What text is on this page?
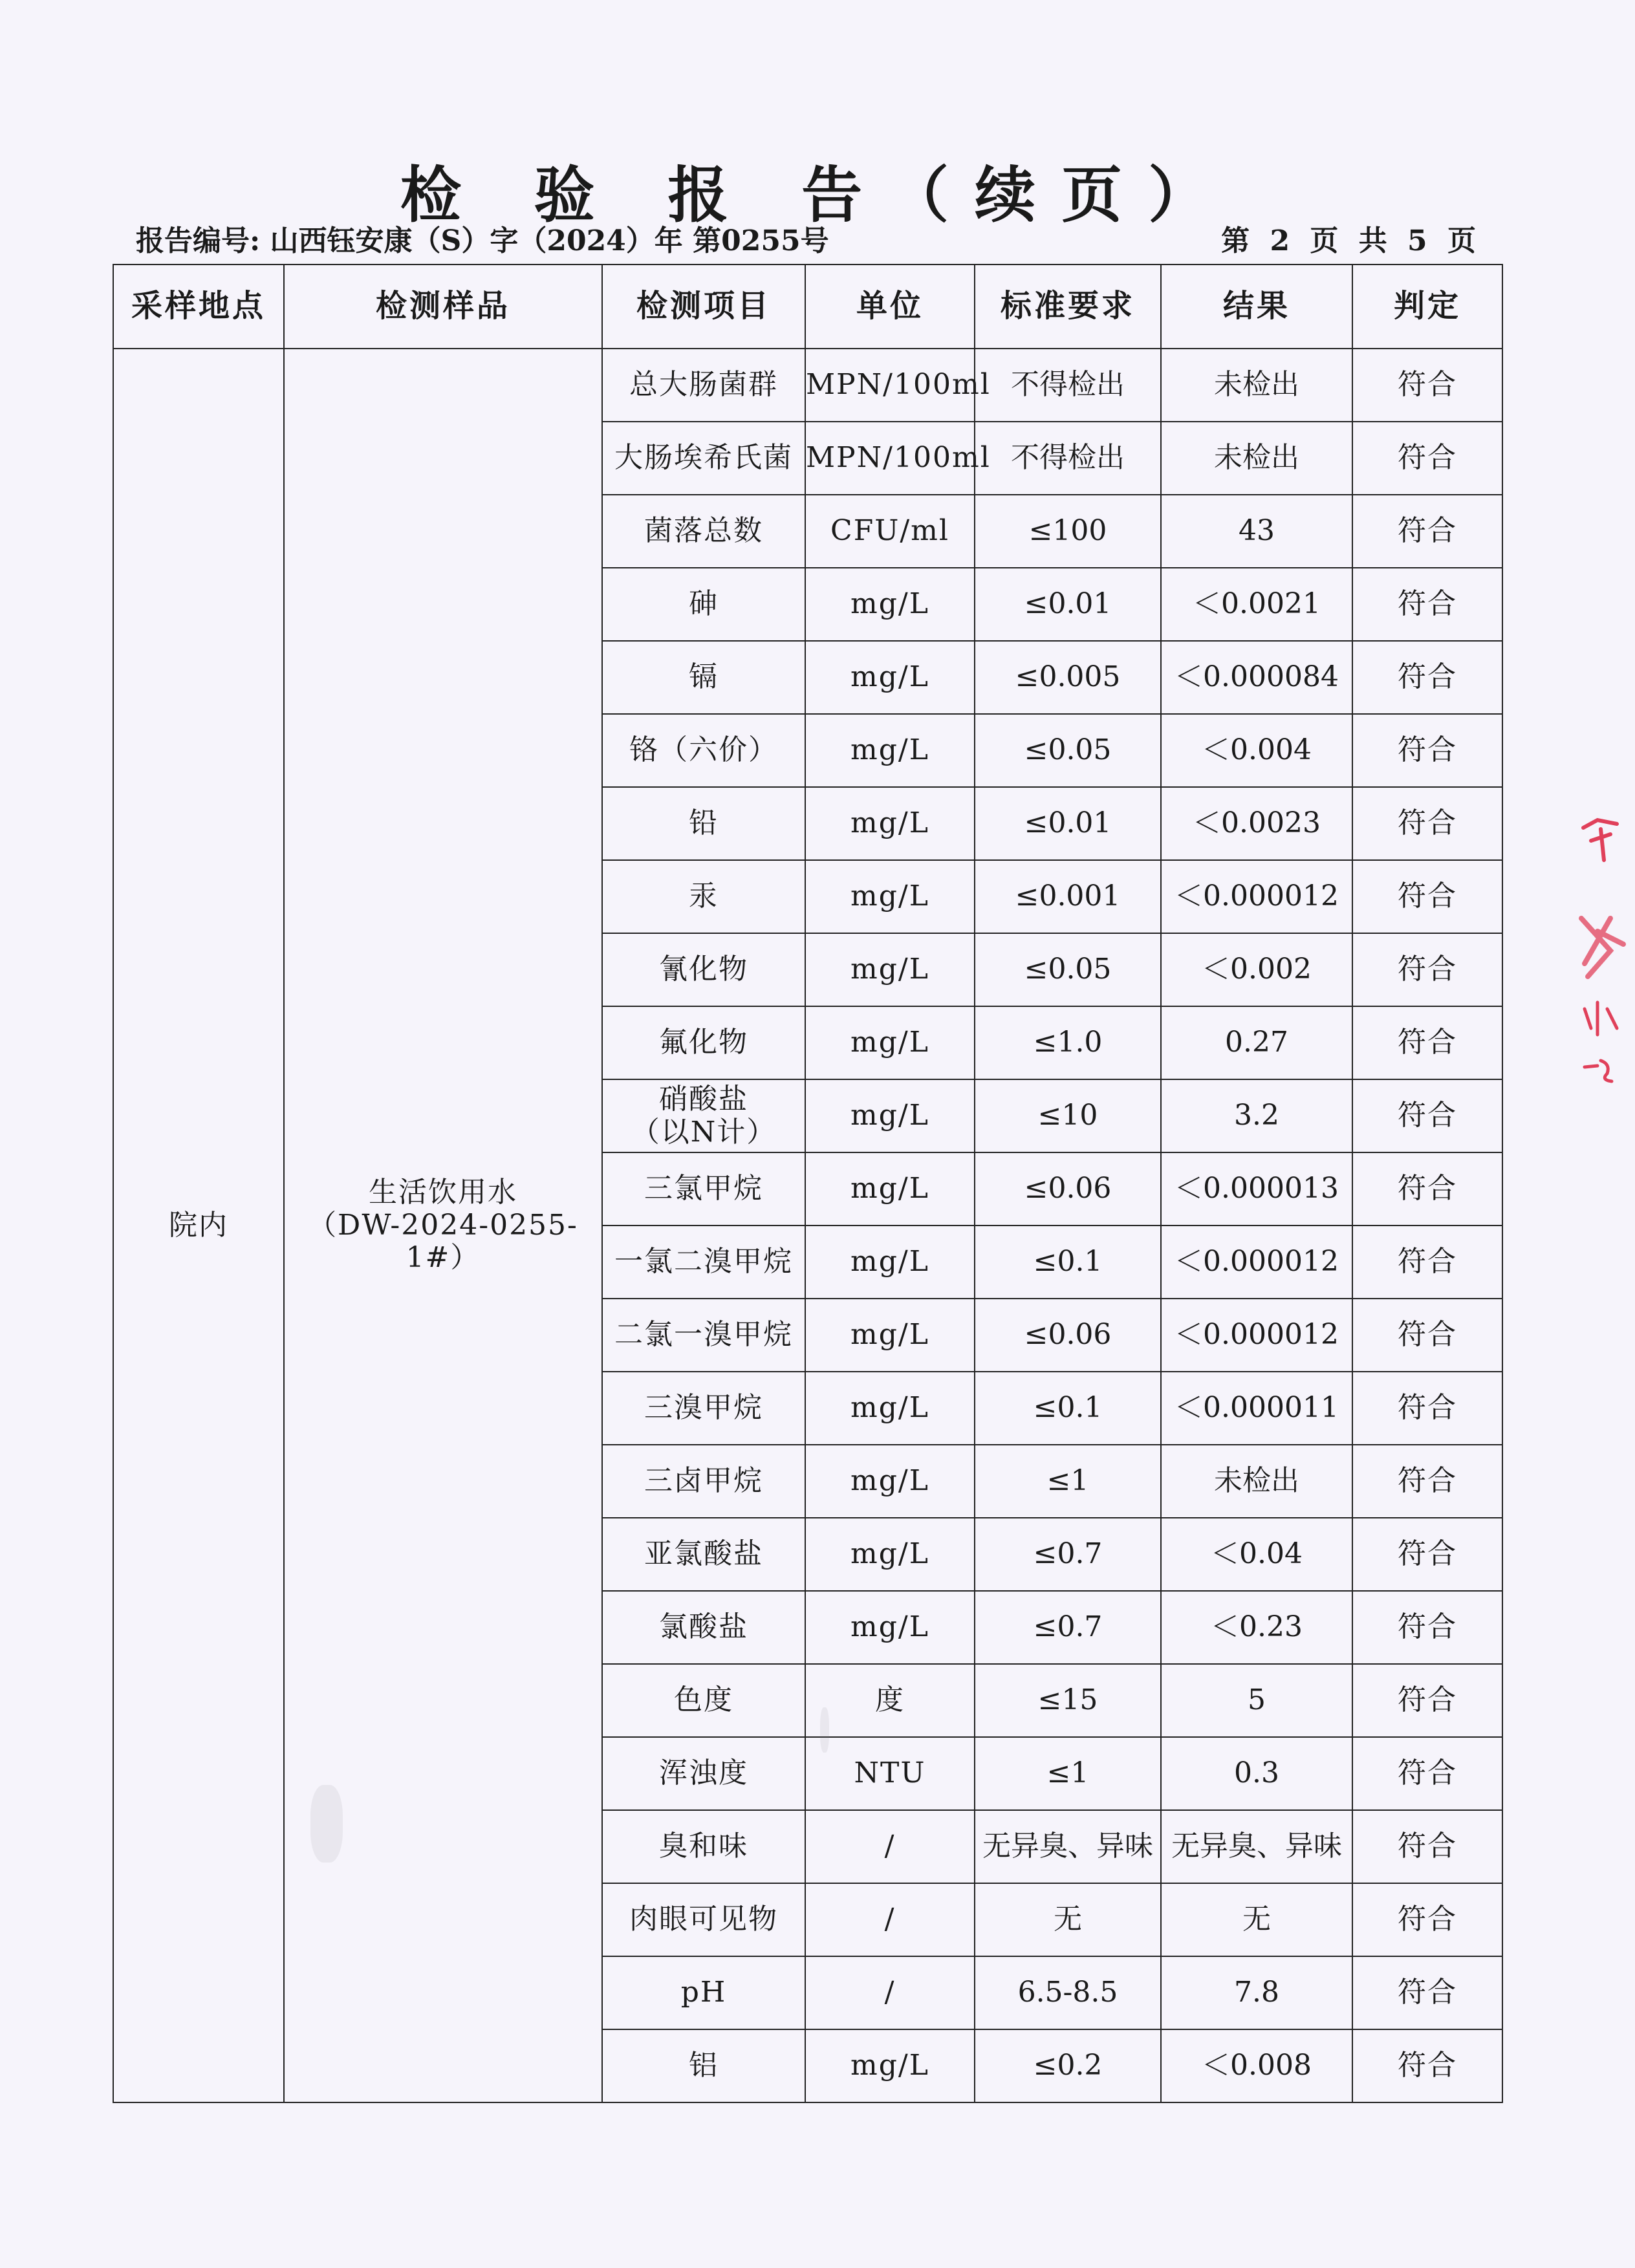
检 验 报 告（续页）
报告编号: 山西钰安康（S）字（2024）年 第0255号	第 2 页 共 5 页
采样地点	检测样品	检测项目	单位	标准要求	结果	判定
院内	生活饮用水
（DW-2024-0255-1#）	总大肠菌群	MPN/100ml	不得检出	未检出	符合
		大肠埃希氏菌	MPN/100ml	不得检出	未检出	符合
		菌落总数	CFU/ml	≤100	43	符合
		砷	mg/L	≤0.01	＜0.0021	符合
		镉	mg/L	≤0.005	＜0.000084	符合
		铬（六价）	mg/L	≤0.05	＜0.004	符合
		铅	mg/L	≤0.01	＜0.0023	符合
		汞	mg/L	≤0.001	＜0.000012	符合
		氰化物	mg/L	≤0.05	＜0.002	符合
		氟化物	mg/L	≤1.0	0.27	符合
		硝酸盐
（以N计）	mg/L	≤10	3.2	符合
		三氯甲烷	mg/L	≤0.06	＜0.000013	符合
		一氯二溴甲烷	mg/L	≤0.1	＜0.000012	符合
		二氯一溴甲烷	mg/L	≤0.06	＜0.000012	符合
		三溴甲烷	mg/L	≤0.1	＜0.000011	符合
		三卤甲烷	mg/L	≤1	未检出	符合
		亚氯酸盐	mg/L	≤0.7	＜0.04	符合
		氯酸盐	mg/L	≤0.7	＜0.23	符合
		色度	度	≤15	5	符合
		浑浊度	NTU	≤1	0.3	符合
		臭和味	/	无异臭、异味	无异臭、异味	符合
		肉眼可见物	/	无	无	符合
		pH	/	6.5-8.5	7.8	符合
		铝	mg/L	≤0.2	＜0.008	符合
